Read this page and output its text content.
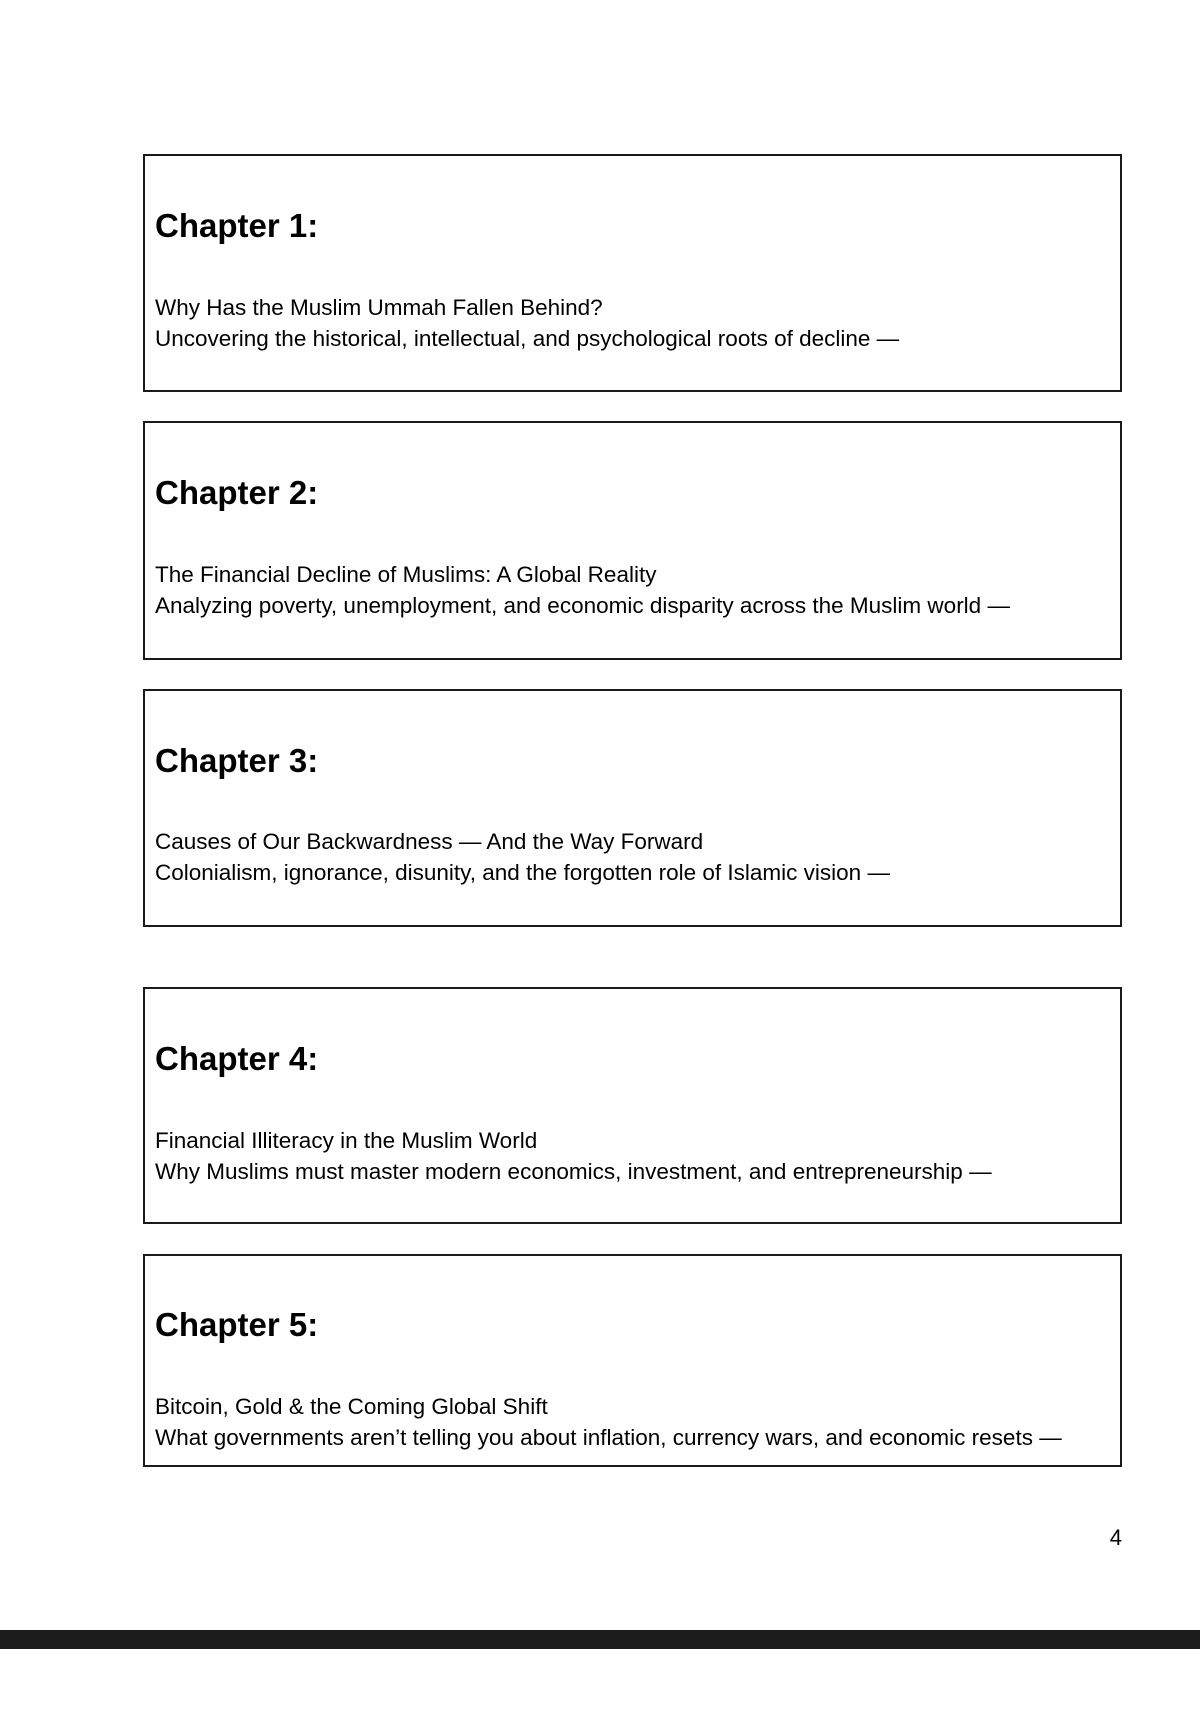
Chapter 1:
Why Has the Muslim Ummah Fallen Behind?
Uncovering the historical, intellectual, and psychological roots of decline —
Chapter 2:
The Financial Decline of Muslims: A Global Reality
Analyzing poverty, unemployment, and economic disparity across the Muslim world —
Chapter 3:
Causes of Our Backwardness — And the Way Forward
Colonialism, ignorance, disunity, and the forgotten role of Islamic vision —
Chapter 4:
Financial Illiteracy in the Muslim World
Why Muslims must master modern economics, investment, and entrepreneurship —
Chapter 5:
Bitcoin, Gold & the Coming Global Shift
What governments aren’t telling you about inflation, currency wars, and economic resets —
4
